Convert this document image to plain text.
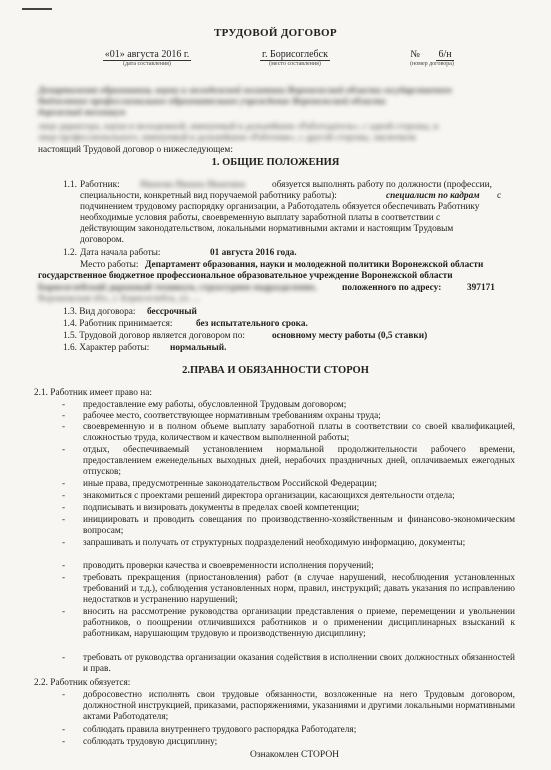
ТРУДОВОЙ ДОГОВОР
«01» августа 2016 г.
(дата составления)
г. Борисоглебск
(место составления)
№ 6/н
(номер договора)
Департамент образования, науки и молодежной политики Воронежской области государственное
бюджетное профессиональное образовательное учреждение Воронежской области
дорожный техникум
лице директора, науки и молодежной, именуемый в дальнейшем «Работодатель», с одной стороны, и
лице профессионального, именуемый в дальнейшем «Работник», с другой стороны, заключили
настоящий Трудовой договор о нижеследующем:
1. ОБЩИЕ ПОЛОЖЕНИЯ
1.1. Работник: Иванова Иванна Ивановна	обязуется выполнять работу по должности (профессии,
специальности, конкретный вид поручаемой работнику работы):	специалист по кадрам с
подчинением трудовому распорядку организации, а Работодатель обязуется обеспечивать Работнику
необходимые условия работы, своевременную выплату заработной платы в соответствии с
действующим законодательством, локальными нормативными актами и настоящим Трудовым
договором.
1.2. Дата начала работы:	01 августа 2016 года.
Место работы: Департамент образования, науки и молодежной политики Воронежской области
государственное бюджетное профессиональное образовательное учреждение Воронежской области
Борисоглебский дорожный техникум, структурное подразделение,	положенного по адресу:	397171
Воронежская обл., г. Борисоглебск, ул. ...
1.3. Вид договора: бессрочный
1.4. Работник принимается:	без испытательного срока.
1.5. Трудовой договор является договором по:	основному месту работы (0,5 ставки)
1.6. Характер работы: нормальный.
2.ПРАВА И ОБЯЗАННОСТИ СТОРОН
2.1. Работник имеет право на:
- предоставление ему работы, обусловленной Трудовым договором;
- рабочее место, соответствующее нормативным требованиям охраны труда;
- своевременную и в полном объеме выплату заработной платы в соответствии со своей квалификацией, сложностью труда, количеством и качеством выполненной работы;
- отдых, обеспечиваемый установлением нормальной продолжительности рабочего времени, предоставлением еженедельных выходных дней, нерабочих праздничных дней, оплачиваемых ежегодных отпусков;
- иные права, предусмотренные законодательством Российской Федерации;
- знакомиться с проектами решений директора организации, касающихся деятельности отдела;
- подписывать и визировать документы в пределах своей компетенции;
- инициировать и проводить совещания по производственно-хозяйственным и финансово-экономическим вопросам;
- запрашивать и получать от структурных подразделений необходимую информацию, документы;
- проводить проверки качества и своевременности исполнения поручений;
- требовать прекращения (приостановления) работ (в случае нарушений, несоблюдения установленных требований и т.д.), соблюдения установленных норм, правил, инструкций; давать указания по исправлению недостатков и устранению нарушений;
- вносить на рассмотрение руководства организации представления о приеме, перемещении и увольнении работников, о поощрении отличившихся работников и о применении дисциплинарных взысканий к работникам, нарушающим трудовую и производственную дисциплину;
- требовать от руководства организации оказания содействия в исполнении своих должностных обязанностей и прав.
2.2. Работник обязуется:
- добросовестно исполнять свои трудовые обязанности, возложенные на него Трудовым договором, должностной инструкцией, приказами, распоряжениями, указаниями и другими локальными нормативными актами Работодателя;
- соблюдать правила внутреннего трудового распорядка Работодателя;
- соблюдать трудовую дисциплину;
Ознакомлен СТОРОН
